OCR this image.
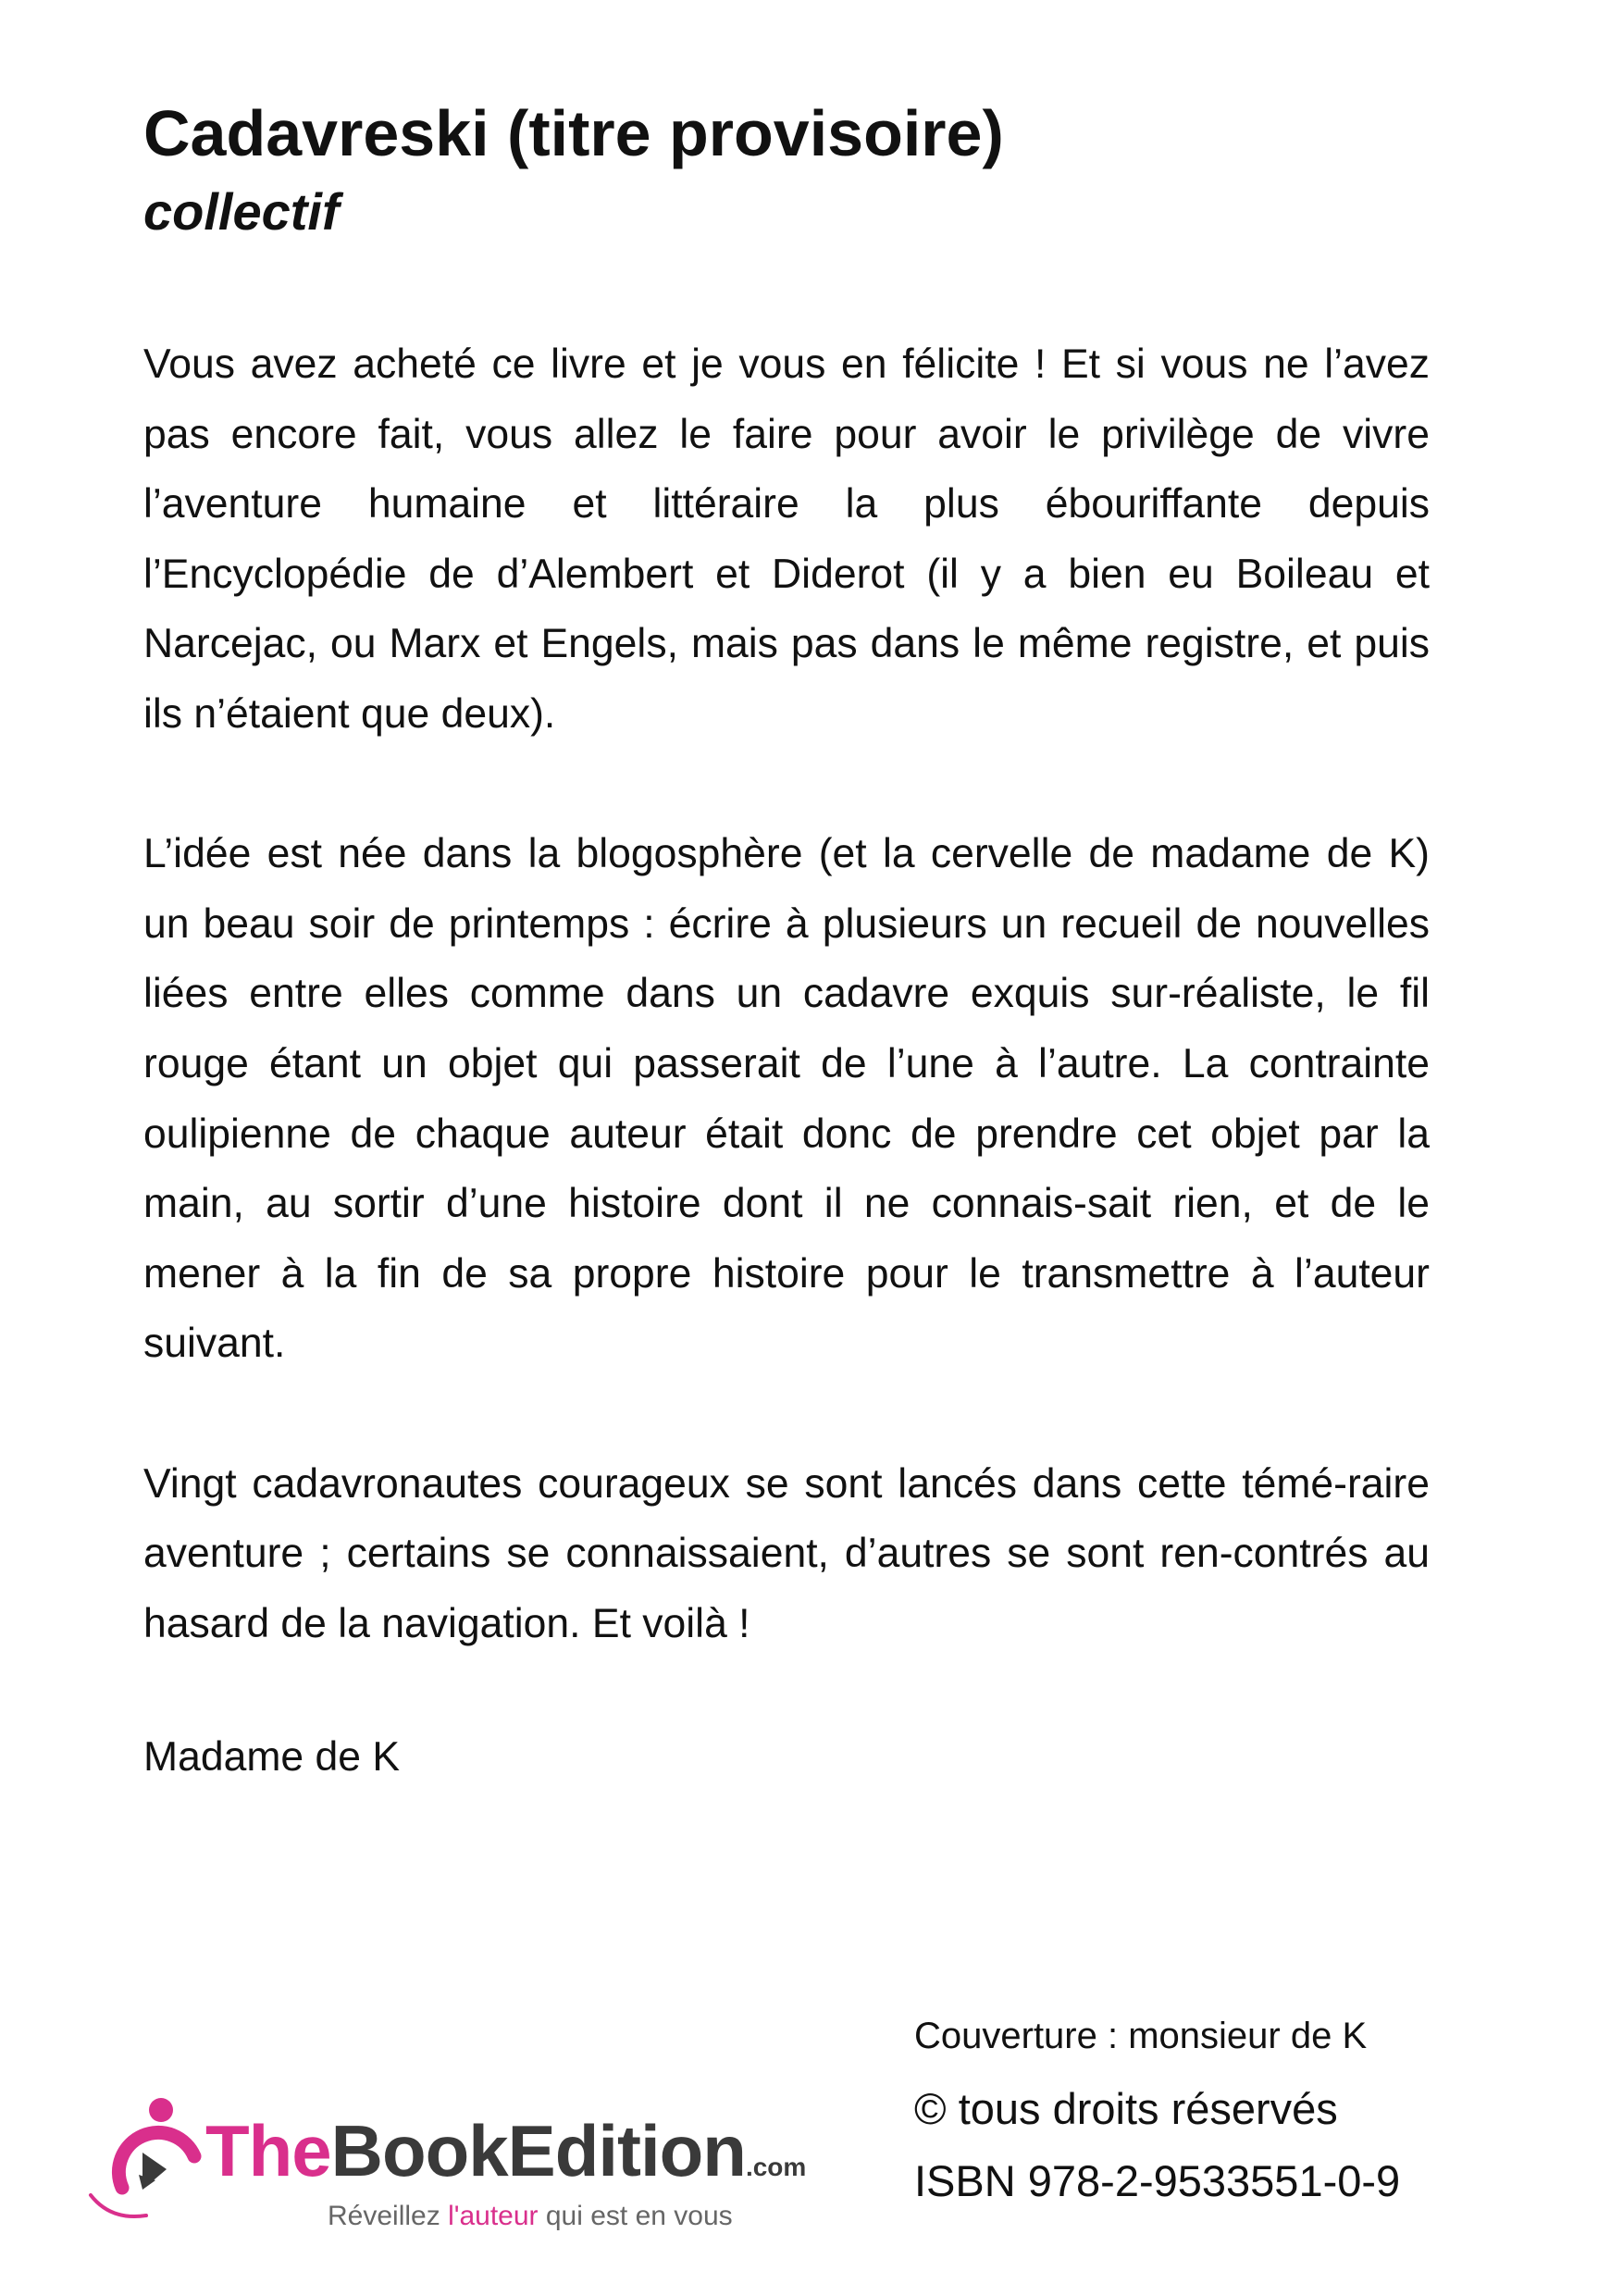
Cadavreski (titre provisoire)
collectif

Vous avez acheté ce livre et je vous en félicite ! Et si vous ne l’avez pas encore fait, vous allez le faire pour avoir le privilège de vivre l’aventure humaine et littéraire la plus ébouriffante depuis l’Encyclopédie de d’Alembert et Diderot (il y a bien eu Boileau et Narcejac, ou Marx et Engels, mais pas dans le même registre, et puis ils n’étaient que deux).

L’idée est née dans la blogosphère (et la cervelle de madame de K) un beau soir de printemps : écrire à plusieurs un recueil de nouvelles liées entre elles comme dans un cadavre exquis sur-réaliste, le fil rouge étant un objet qui passerait de l’une à l’autre. La contrainte oulipienne de chaque auteur était donc de prendre cet objet par la main, au sortir d’une histoire dont il ne connais-sait rien, et de le mener à la fin de sa propre histoire pour le transmettre à l’auteur suivant.

Vingt cadavronautes courageux se sont lancés dans cette témé-raire aventure ; certains se connaissaient, d’autres se sont ren-contrés au hasard de la navigation. Et voilà !

Madame de K

Couverture : monsieur de K

© tous droits réservés

ISBN 978-2-9533551-0-9

TheBookEdition.com
Réveillez l'auteur qui est en vous
